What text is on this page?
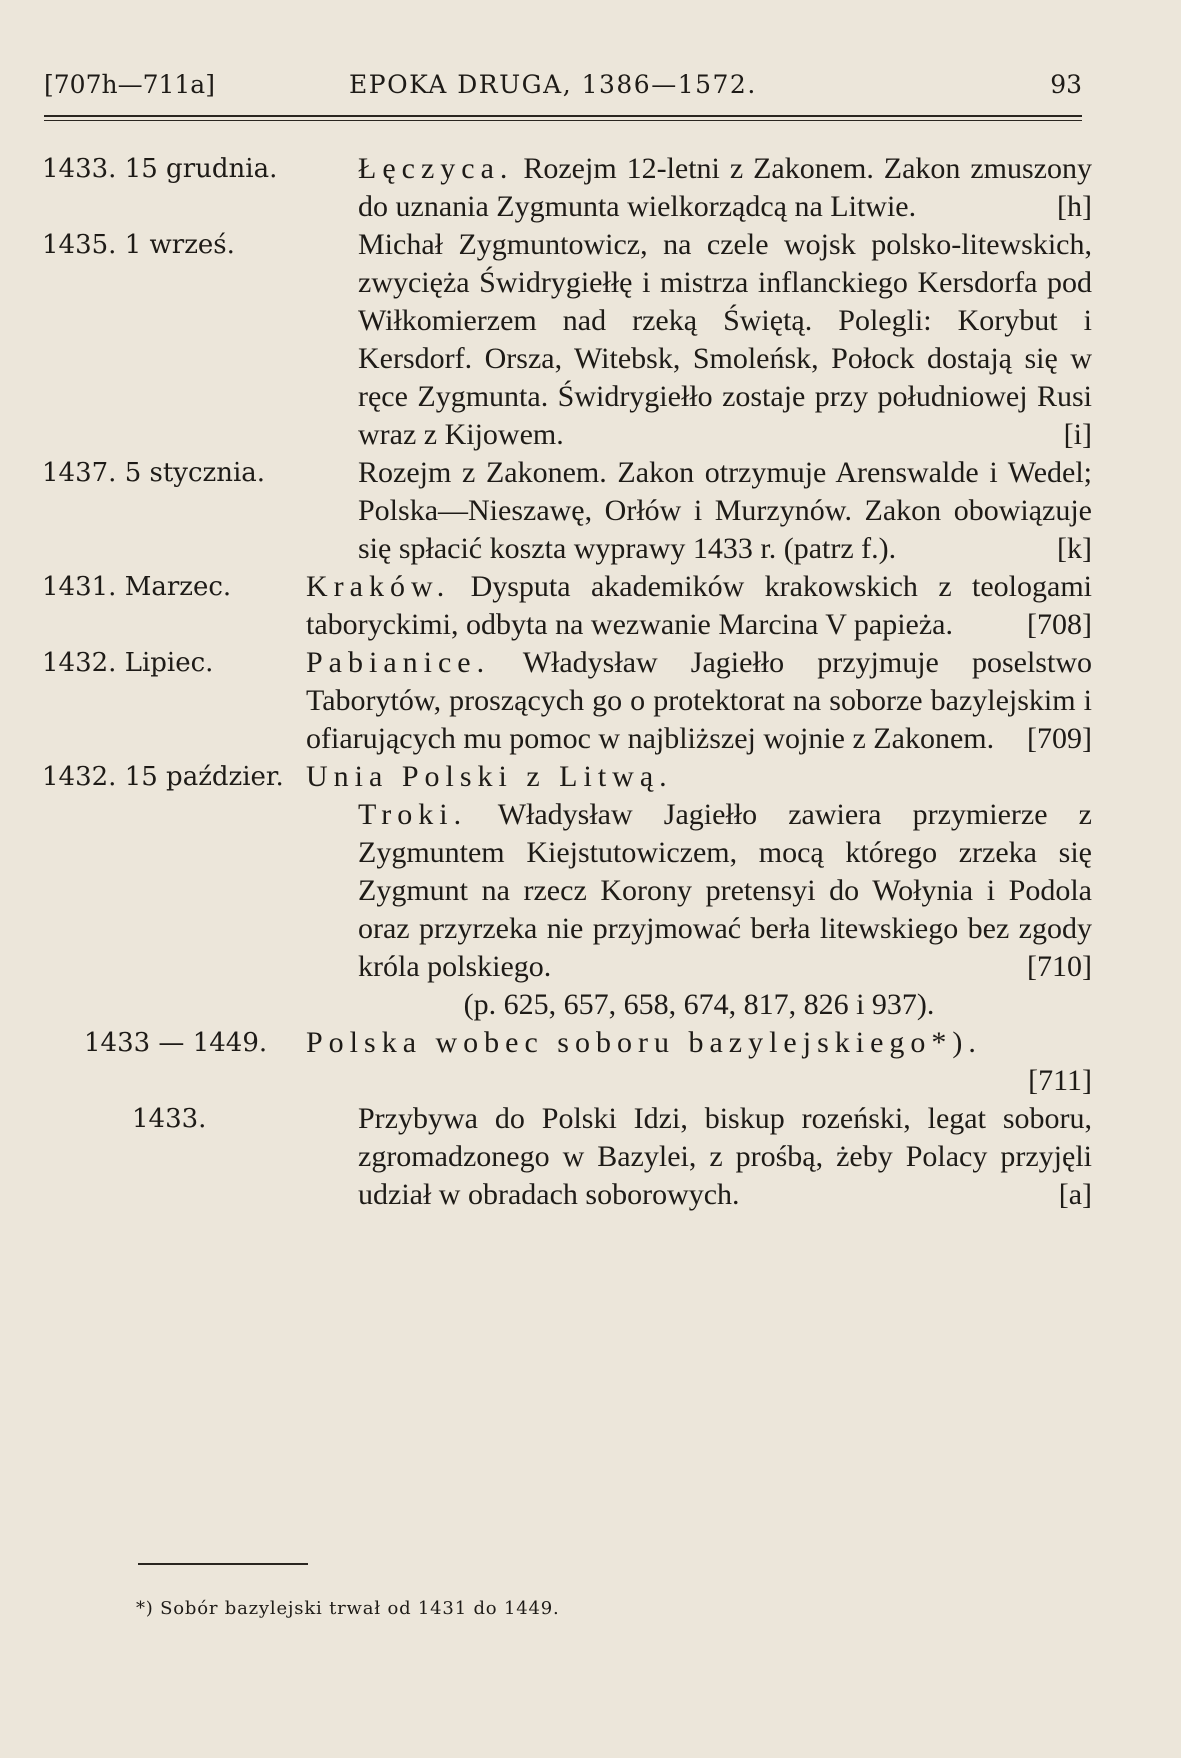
[707h—711a]	EPOKA DRUGA, 1386—1572.	93
1433. 15 grudnia.	Łęczyca. Rozejm 12-letni z Zakonem. Zakon zmuszony do uznania Zygmunta wielkorządcą na Litwie.	[h]
1435. 1 wrześ.	Michał Zygmuntowicz, na czele wojsk polsko-litewskich, zwycięża Świdrygiełłę i mistrza inflanckiego Kersdorfa pod Wiłkomierzem nad rzeką Świętą. Polegli: Korybut i Kersdorf. Orsza, Witebsk, Smoleńsk, Połock dostają się w ręce Zygmunta. Świdrygiełło zostaje przy południowej Rusi wraz z Kijowem.	[i]
1437. 5 stycznia.	Rozejm z Zakonem. Zakon otrzymuje Arenswalde i Wedel; Polska—Nieszawę, Orłów i Murzynów. Zakon obowiązuje się spłacić koszta wyprawy 1433 r. (patrz f.).	[k]
1431. Marzec. Kraków. Dysputa akademików krakowskich z teologami taboryckimi, odbyta na wezwanie Marcina V papieża. [708]
1432. Lipiec.	Pabianice. Władysław Jagiełło przyjmuje poselstwo Taborytów, proszących go o protektorat na soborze bazylejskim i ofiarujących mu pomoc w najbliższej wojnie z Zakonem. [709]
1432. 15 paździer. Unia Polski z Litwą.
Troki. Władysław Jagiełło zawiera przymierze z Zygmuntem Kiejstutowiczem, mocą którego zrzeka się Zygmunt na rzecz Korony pretensyi do Wołynia i Podola oraz przyrzeka nie przyjmować berła litewskiego bez zgody króla polskiego.	[710]
(p. 625, 657, 658, 674, 817, 826 i 937).
1433 — 1449. Polska wobec soboru bazylejskiego*).
[711]

1433.	Przybywa do Polski Idzi, biskup rozeński, legat soboru, zgromadzonego w Bazylei, z prośbą, żeby Polacy przyjęli udział w obradach soborowych.	[a]
*) Sobór bazylejski trwał od 1431 do 1449.
